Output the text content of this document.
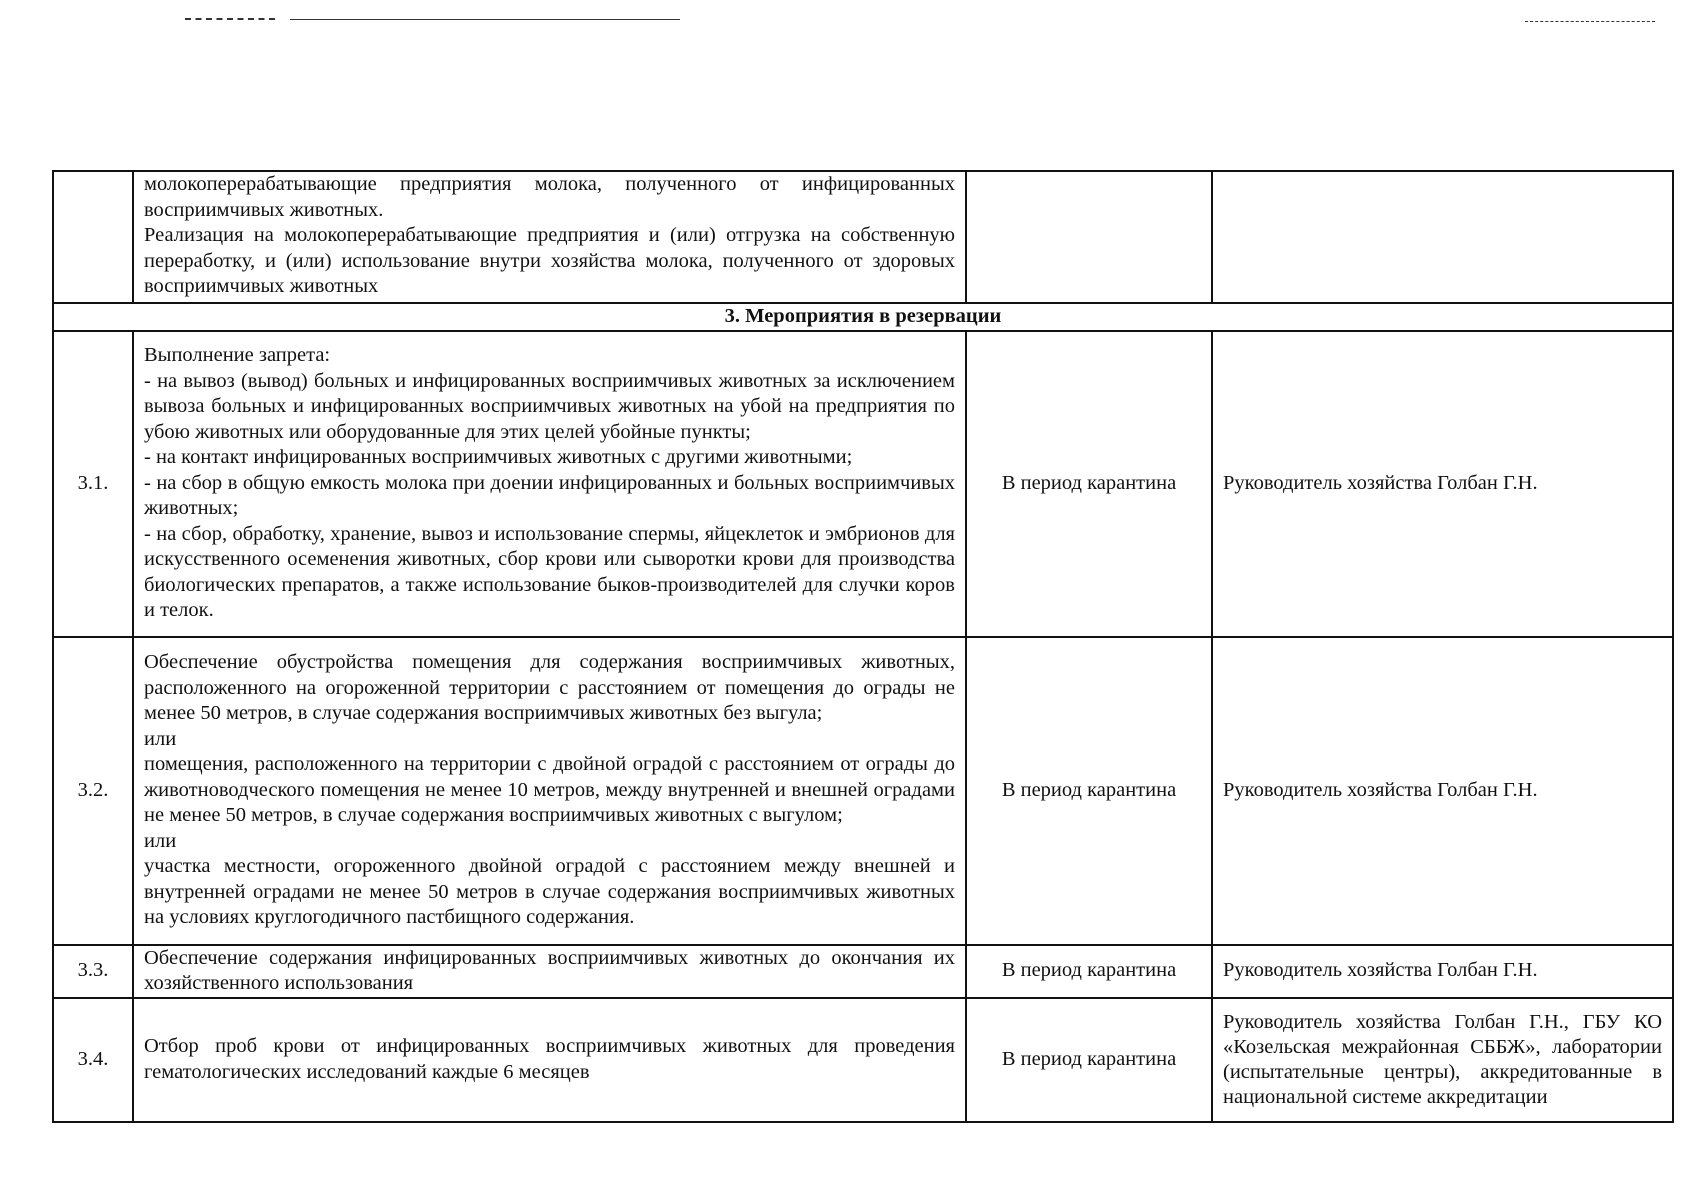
	молокоперерабатывающие предприятия молока, полученного от инфицированных восприимчивых животных.

Реализация на молокоперерабатывающие предприятия и (или) отгрузка на собственную переработку, и (или) использование внутри хозяйства молока, полученного от здоровых восприимчивых животных		

3. Мероприятия в резервации			
3.1.	Выполнение запрета:

- на вывоз (вывод) больных и инфицированных восприимчивых животных за исключением вывоза больных и инфицированных восприимчивых животных на убой на предприятия по убою животных или оборудованные для этих целей убойные пункты;

- на контакт инфицированных восприимчивых животных с другими животными;

- на сбор в общую емкость молока при доении инфицированных и больных восприимчивых животных;

- на сбор, обработку, хранение, вывоз и использование спермы, яйцеклеток и эмбрионов для искусственного осеменения животных, сбор крови или сыворотки крови для производства биологических препаратов, а также использование быков-производителей для случки коров и телок.	В период карантина	Руководитель хозяйства Голбан Г.Н.
3.2.	Обеспечение обустройства помещения для содержания восприимчивых животных, расположенного на огороженной территории с расстоянием от помещения до ограды не менее 50 метров, в случае содержания восприимчивых животных без выгула;

или

помещения, расположенного на территории с двойной оградой с расстоянием от ограды до животноводческого помещения не менее 10 метров, между внутренней и внешней оградами не менее 50 метров, в случае содержания восприимчивых животных с выгулом;

или

участка местности, огороженного двойной оградой с расстоянием между внешней и внутренней оградами не менее 50 метров в случае содержания восприимчивых животных на условиях круглогодичного пастбищного содержания.	В период карантина	Руководитель хозяйства Голбан Г.Н.
3.3.	Обеспечение содержания инфицированных восприимчивых животных до окончания их хозяйственного использования	В период карантина	Руководитель хозяйства Голбан Г.Н.
3.4.	Отбор проб крови от инфицированных восприимчивых животных для проведения гематологических исследований каждые 6 месяцев	В период карантина	Руководитель хозяйства Голбан Г.Н., ГБУ КО «Козельская межрайонная СББЖ», лаборатории (испытательные центры), аккредитованные в национальной системе аккредитации
